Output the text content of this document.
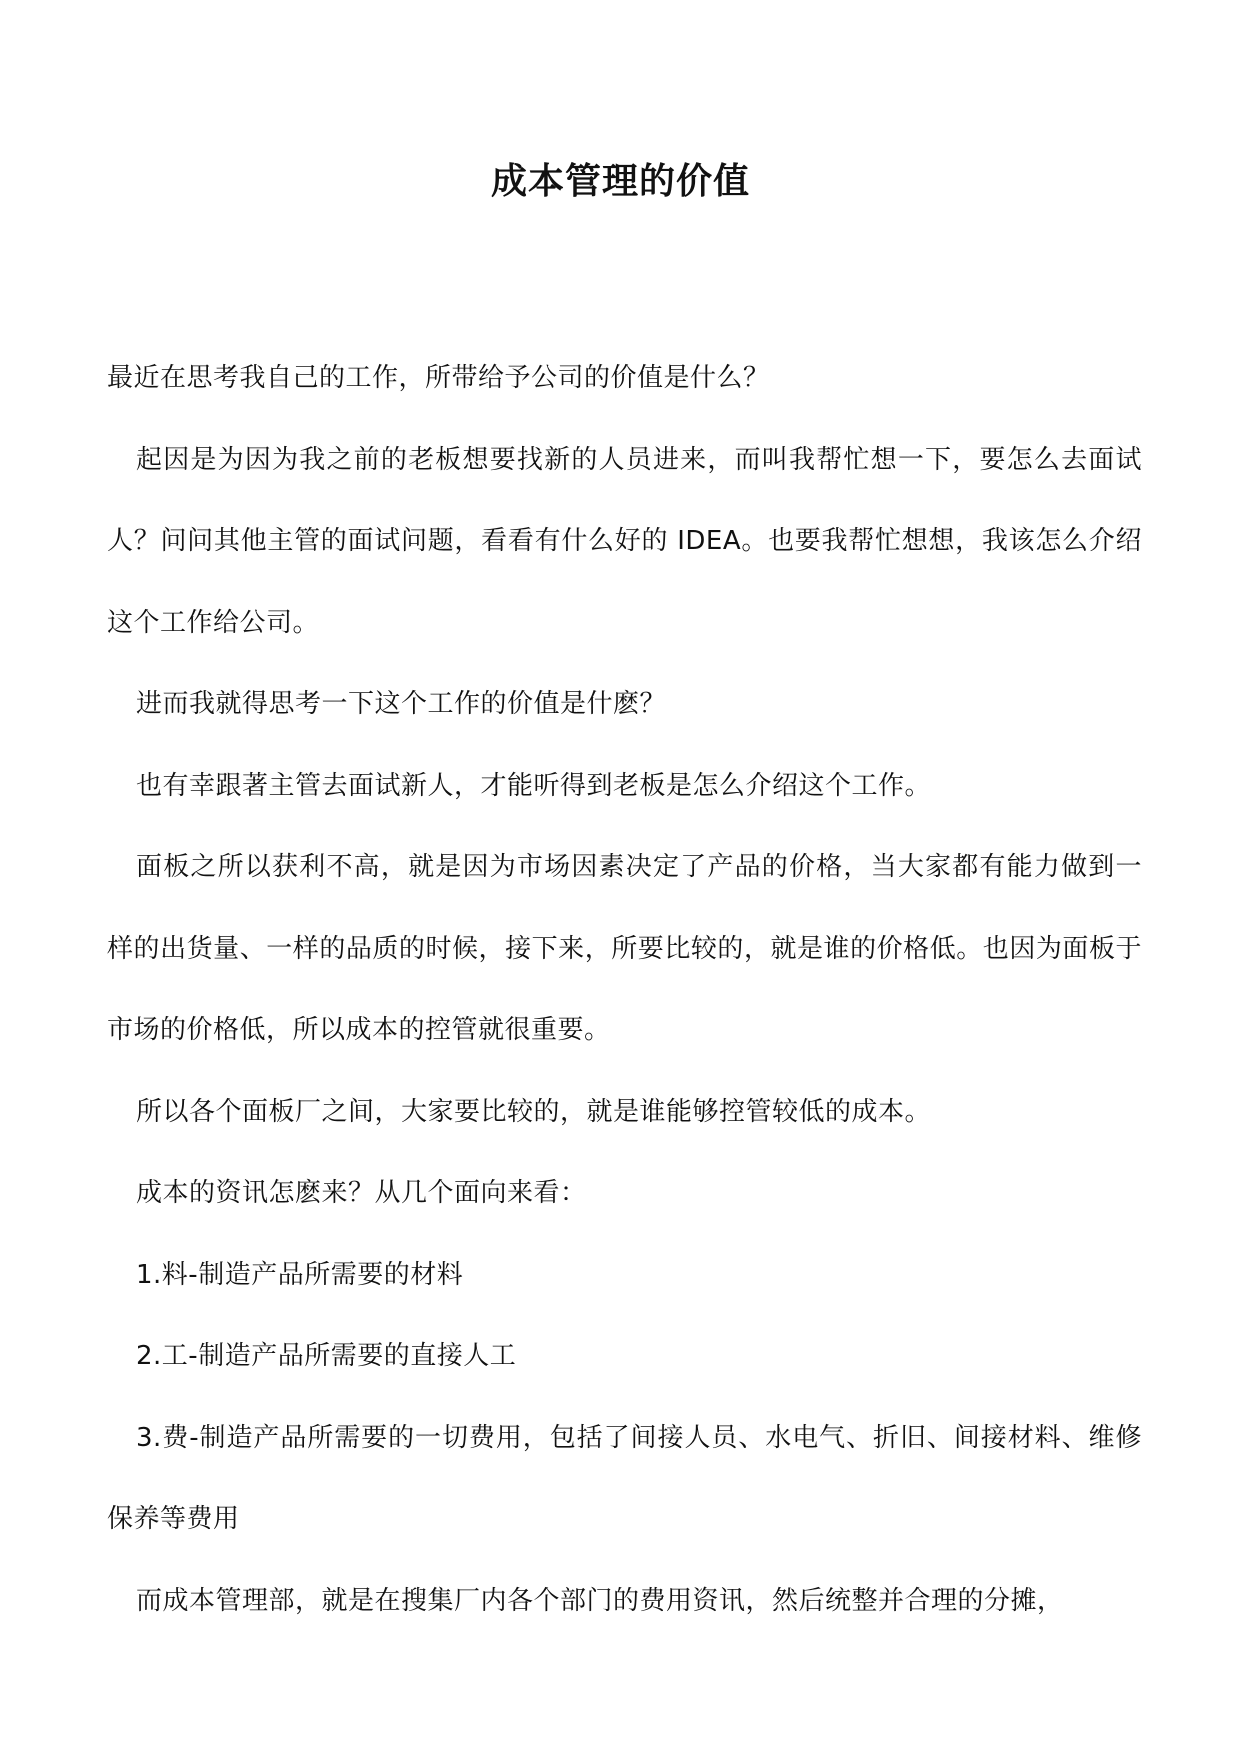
成本管理的价值

最近在思考我自己的工作，所带给予公司的价值是什么？

起因是为因为我之前的老板想要找新的人员进来，而叫我帮忙想一下，要怎么去面试人？问问其他主管的面试问题，看看有什么好的 IDEA。也要我帮忙想想，我该怎么介绍这个工作给公司。

进而我就得思考一下这个工作的价值是什麽？

也有幸跟著主管去面试新人，才能听得到老板是怎么介绍这个工作。

面板之所以获利不高，就是因为市场因素决定了产品的价格，当大家都有能力做到一样的出货量、一样的品质的时候，接下来，所要比较的，就是谁的价格低。也因为面板于市场的价格低，所以成本的控管就很重要。

所以各个面板厂之间，大家要比较的，就是谁能够控管较低的成本。

成本的资讯怎麽来？从几个面向来看：

1.料-制造产品所需要的材料

2.工-制造产品所需要的直接人工

3.费-制造产品所需要的一切费用，包括了间接人员、水电气、折旧、间接材料、维修保养等费用

而成本管理部，就是在搜集厂内各个部门的费用资讯，然后统整并合理的分摊，
